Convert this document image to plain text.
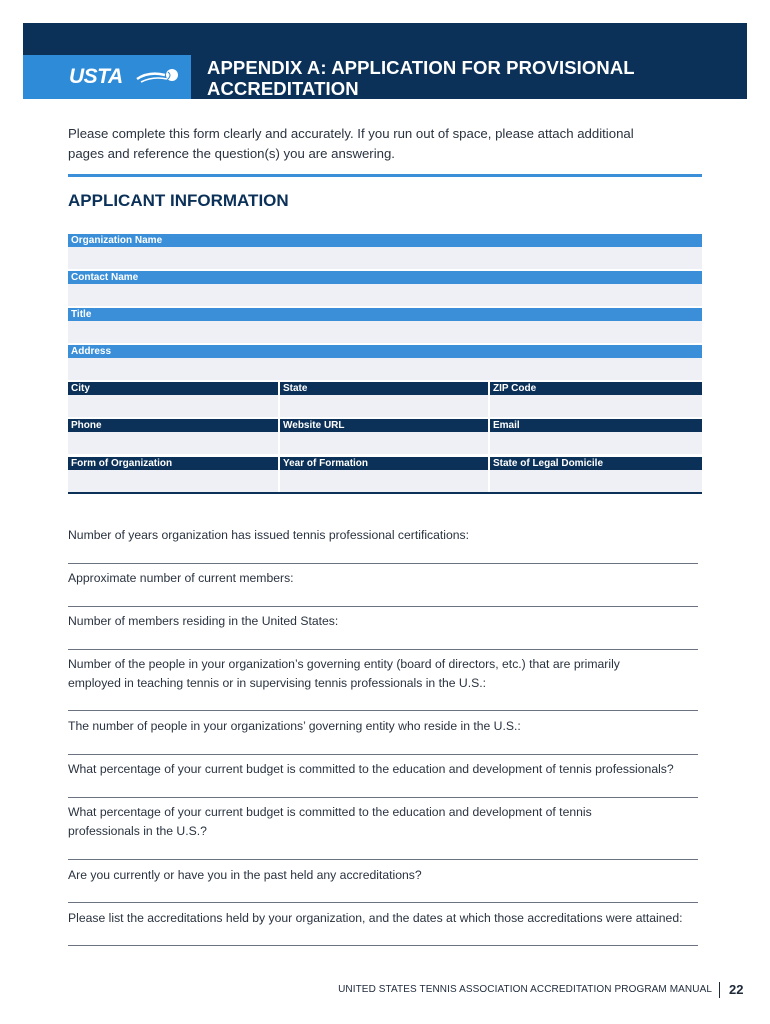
USTA	APPENDIX A: APPLICATION FOR PROVISIONAL
ACCREDITATION
Please complete this form clearly and accurately. If you run out of space, please attach additional
pages and reference the question(s) you are answering.
APPLICANT INFORMATION
Organization Name
Contact Name
Title
Address
City	State	ZIP Code
Phone	Website URL	Email
Form of Organization	Year of Formation	State of Legal Domicile
Number of years organization has issued tennis professional certifications:
Approximate number of current members:
Number of members residing in the United States:
Number of the people in your organization’s governing entity (board of directors, etc.) that are primarily
employed in teaching tennis or in supervising tennis professionals in the U.S.:
The number of people in your organizations’ governing entity who reside in the U.S.:
What percentage of your current budget is committed to the education and development of tennis professionals?
What percentage of your current budget is committed to the education and development of tennis
professionals in the U.S.?
Are you currently or have you in the past held any accreditations?
Please list the accreditations held by your organization, and the dates at which those accreditations were attained:
UNITED STATES TENNIS ASSOCIATION ACCREDITATION PROGRAM MANUAL 22
